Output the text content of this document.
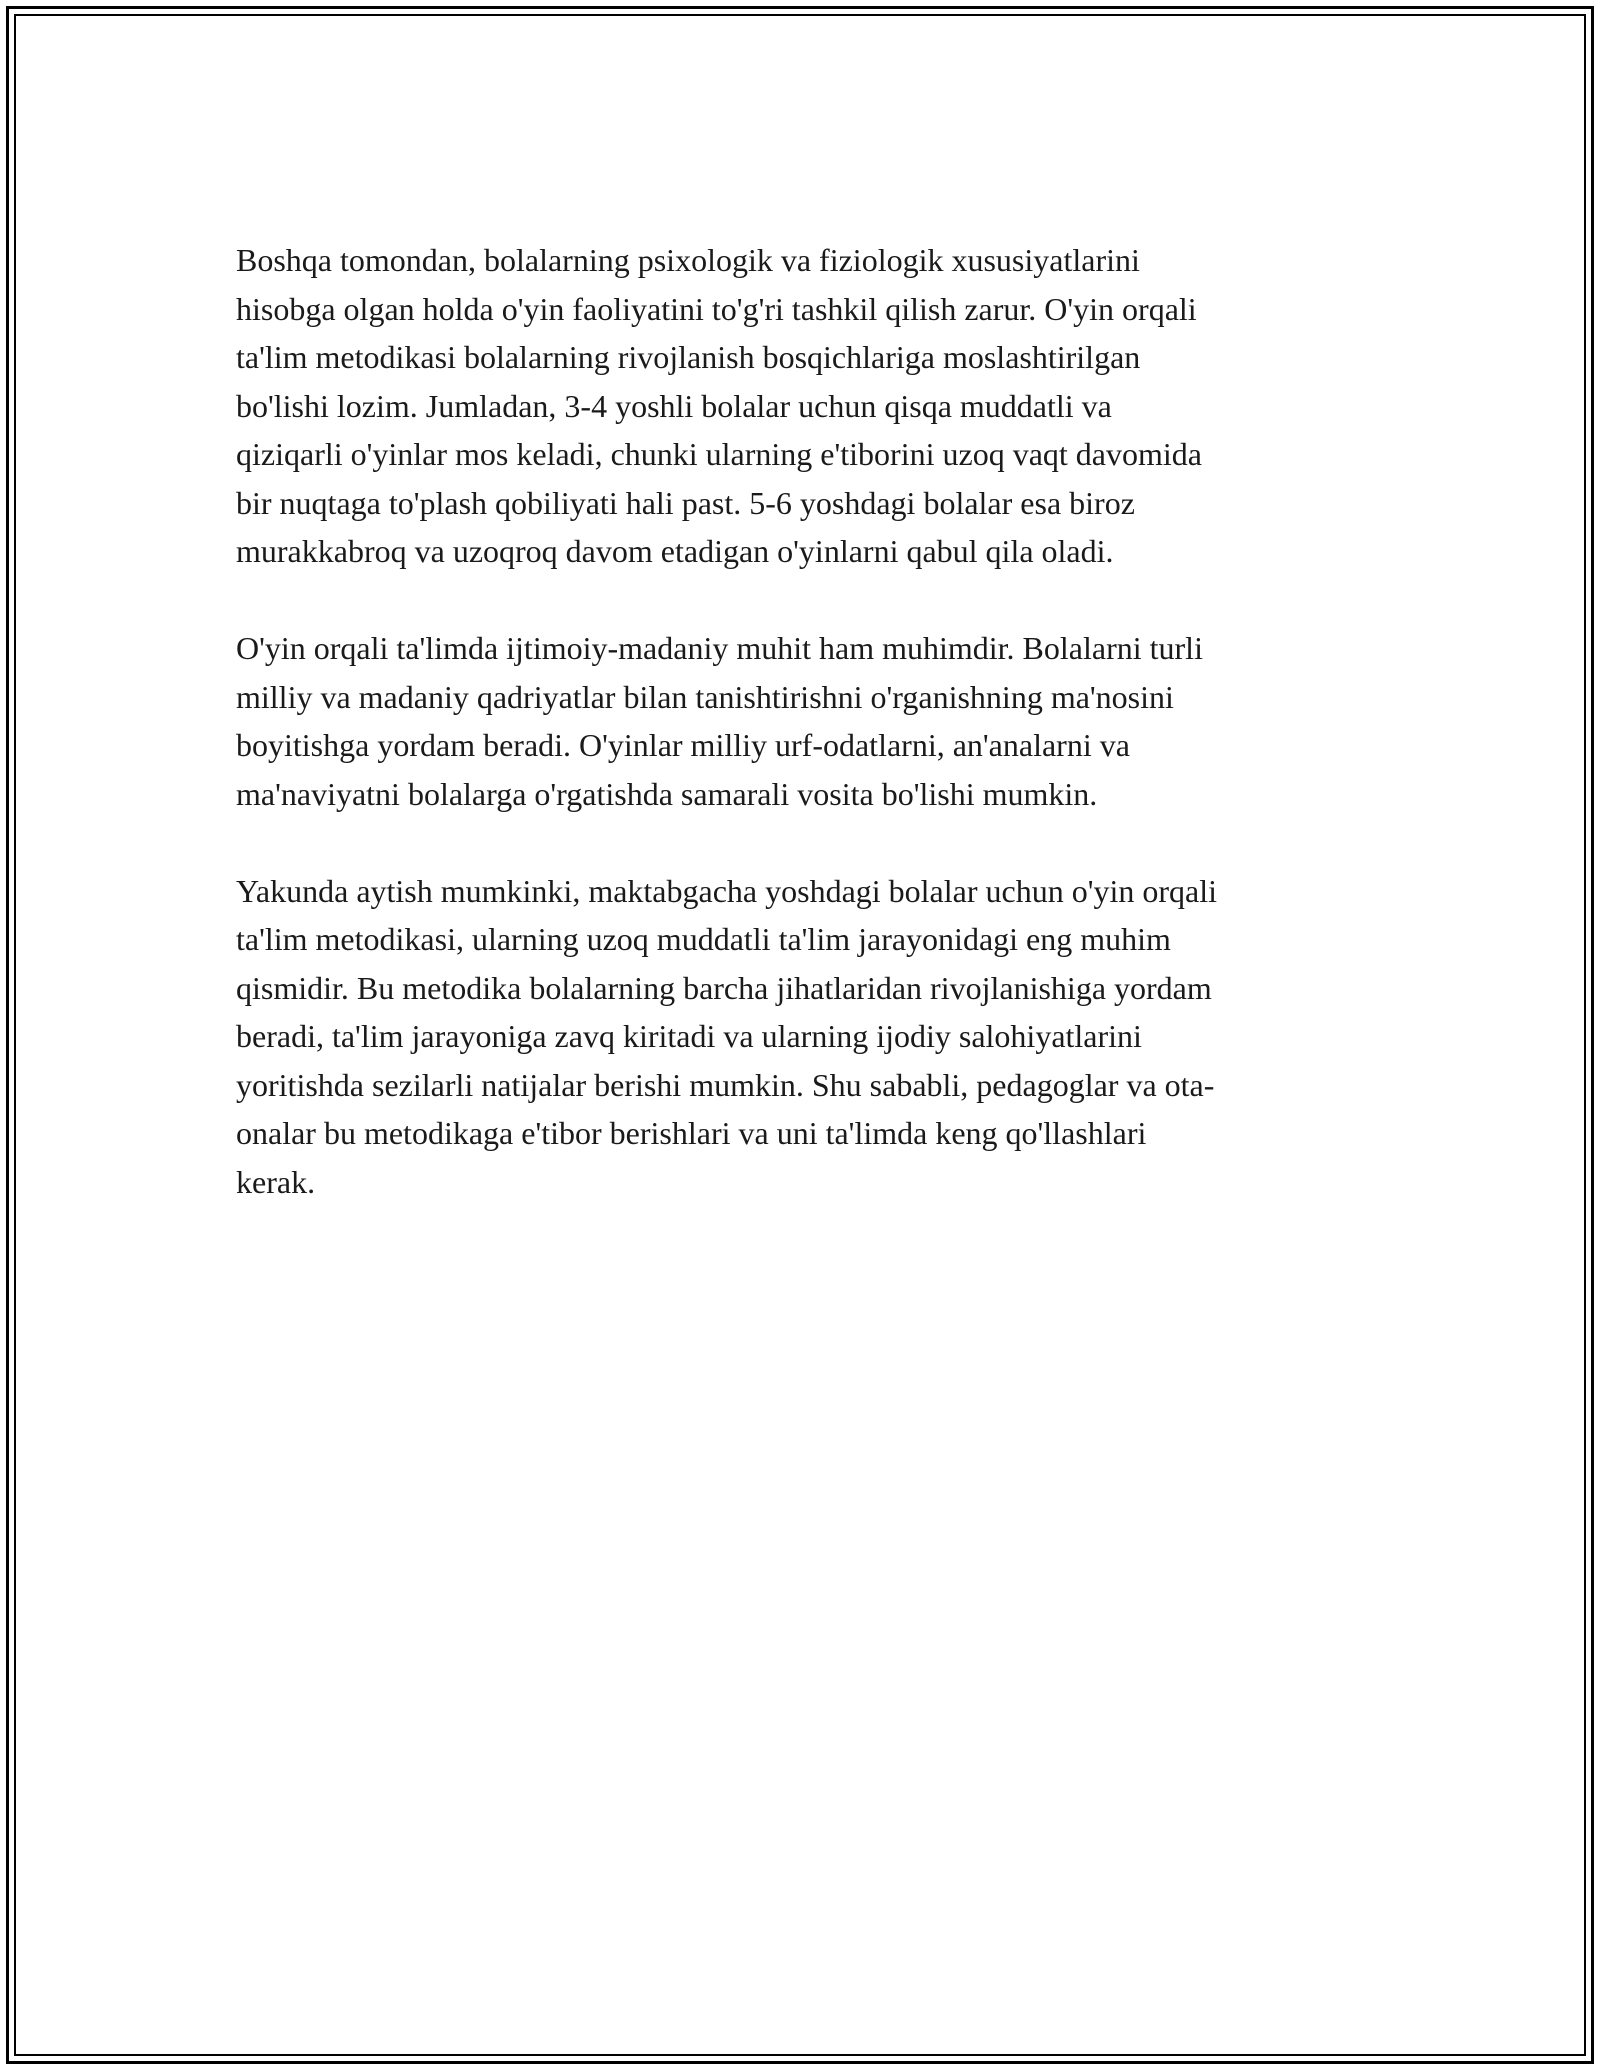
Boshqa tomondan, bolalarning psixologik va fiziologik xususiyatlarini
hisobga olgan holda o'yin faoliyatini to'g'ri tashkil qilish zarur. O'yin orqali
ta'lim metodikasi bolalarning rivojlanish bosqichlariga moslashtirilgan
bo'lishi lozim. Jumladan, 3-4 yoshli bolalar uchun qisqa muddatli va
qiziqarli o'yinlar mos keladi, chunki ularning e'tiborini uzoq vaqt davomida
bir nuqtaga to'plash qobiliyati hali past. 5-6 yoshdagi bolalar esa biroz
murakkabroq va uzoqroq davom etadigan o'yinlarni qabul qila oladi.

O'yin orqali ta'limda ijtimoiy-madaniy muhit ham muhimdir. Bolalarni turli
milliy va madaniy qadriyatlar bilan tanishtirishni o'rganishning ma'nosini
boyitishga yordam beradi. O'yinlar milliy urf-odatlarni, an'analarni va
ma'naviyatni bolalarga o'rgatishda samarali vosita bo'lishi mumkin.

Yakunda aytish mumkinki, maktabgacha yoshdagi bolalar uchun o'yin orqali
ta'lim metodikasi, ularning uzoq muddatli ta'lim jarayonidagi eng muhim
qismidir. Bu metodika bolalarning barcha jihatlaridan rivojlanishiga yordam
beradi, ta'lim jarayoniga zavq kiritadi va ularning ijodiy salohiyatlarini
yoritishda sezilarli natijalar berishi mumkin. Shu sababli, pedagoglar va ota-
onalar bu metodikaga e'tibor berishlari va uni ta'limda keng qo'llashlari
kerak.
